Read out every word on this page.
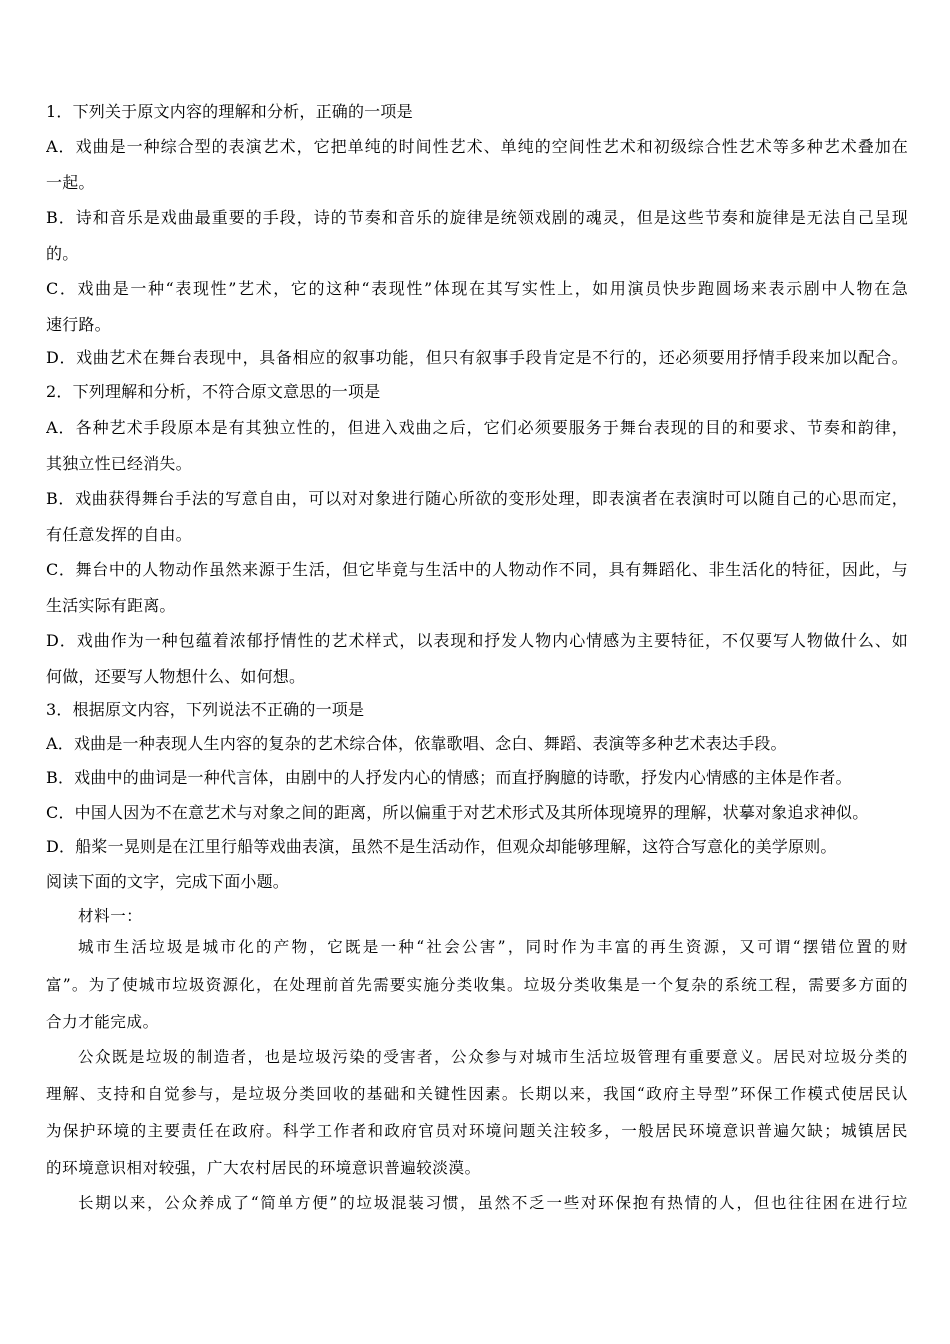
1．下列关于原文内容的理解和分析，正确的一项是
A．戏曲是一种综合型的表演艺术，它把单纯的时间性艺术、单纯的空间性艺术和初级综合性艺术等多种艺术叠加在
一起。
B．诗和音乐是戏曲最重要的手段，诗的节奏和音乐的旋律是统领戏剧的魂灵，但是这些节奏和旋律是无法自己呈现
的。
C．戏曲是一种“表现性”艺术，它的这种“表现性”体现在其写实性上，如用演员快步跑圆场来表示剧中人物在急
速行路。
D．戏曲艺术在舞台表现中，具备相应的叙事功能，但只有叙事手段肯定是不行的，还必须要用抒情手段来加以配合。
2．下列理解和分析，不符合原文意思的一项是
A．各种艺术手段原本是有其独立性的，但进入戏曲之后，它们必须要服务于舞台表现的目的和要求、节奏和韵律，
其独立性已经消失。
B．戏曲获得舞台手法的写意自由，可以对对象进行随心所欲的变形处理，即表演者在表演时可以随自己的心思而定，
有任意发挥的自由。
C．舞台中的人物动作虽然来源于生活，但它毕竟与生活中的人物动作不同，具有舞蹈化、非生活化的特征，因此，与
生活实际有距离。
D．戏曲作为一种包蕴着浓郁抒情性的艺术样式，以表现和抒发人物内心情感为主要特征，不仅要写人物做什么、如
何做，还要写人物想什么、如何想。
3．根据原文内容，下列说法不正确的一项是
A．戏曲是一种表现人生内容的复杂的艺术综合体，依靠歌唱、念白、舞蹈、表演等多种艺术表达手段。
B．戏曲中的曲词是一种代言体，由剧中的人抒发内心的情感；而直抒胸臆的诗歌，抒发内心情感的主体是作者。
C．中国人因为不在意艺术与对象之间的距离，所以偏重于对艺术形式及其所体现境界的理解，状摹对象追求神似。
D．船桨一晃则是在江里行船等戏曲表演，虽然不是生活动作，但观众却能够理解，这符合写意化的美学原则。
阅读下面的文字，完成下面小题。
材料一：
城市生活垃圾是城市化的产物，它既是一种“社会公害”，同时作为丰富的再生资源，又可谓“摆错位置的财
富”。为了使城市垃圾资源化，在处理前首先需要实施分类收集。垃圾分类收集是一个复杂的系统工程，需要多方面的
合力才能完成。
公众既是垃圾的制造者，也是垃圾污染的受害者，公众参与对城市生活垃圾管理有重要意义。居民对垃圾分类的
理解、支持和自觉参与，是垃圾分类回收的基础和关键性因素。长期以来，我国“政府主导型”环保工作模式使居民认
为保护环境的主要责任在政府。科学工作者和政府官员对环境问题关注较多，一般居民环境意识普遍欠缺；城镇居民
的环境意识相对较强，广大农村居民的环境意识普遍较淡漠。
长期以来，公众养成了“简单方便”的垃圾混装习惯，虽然不乏一些对环保抱有热情的人，但也往往困在进行垃
